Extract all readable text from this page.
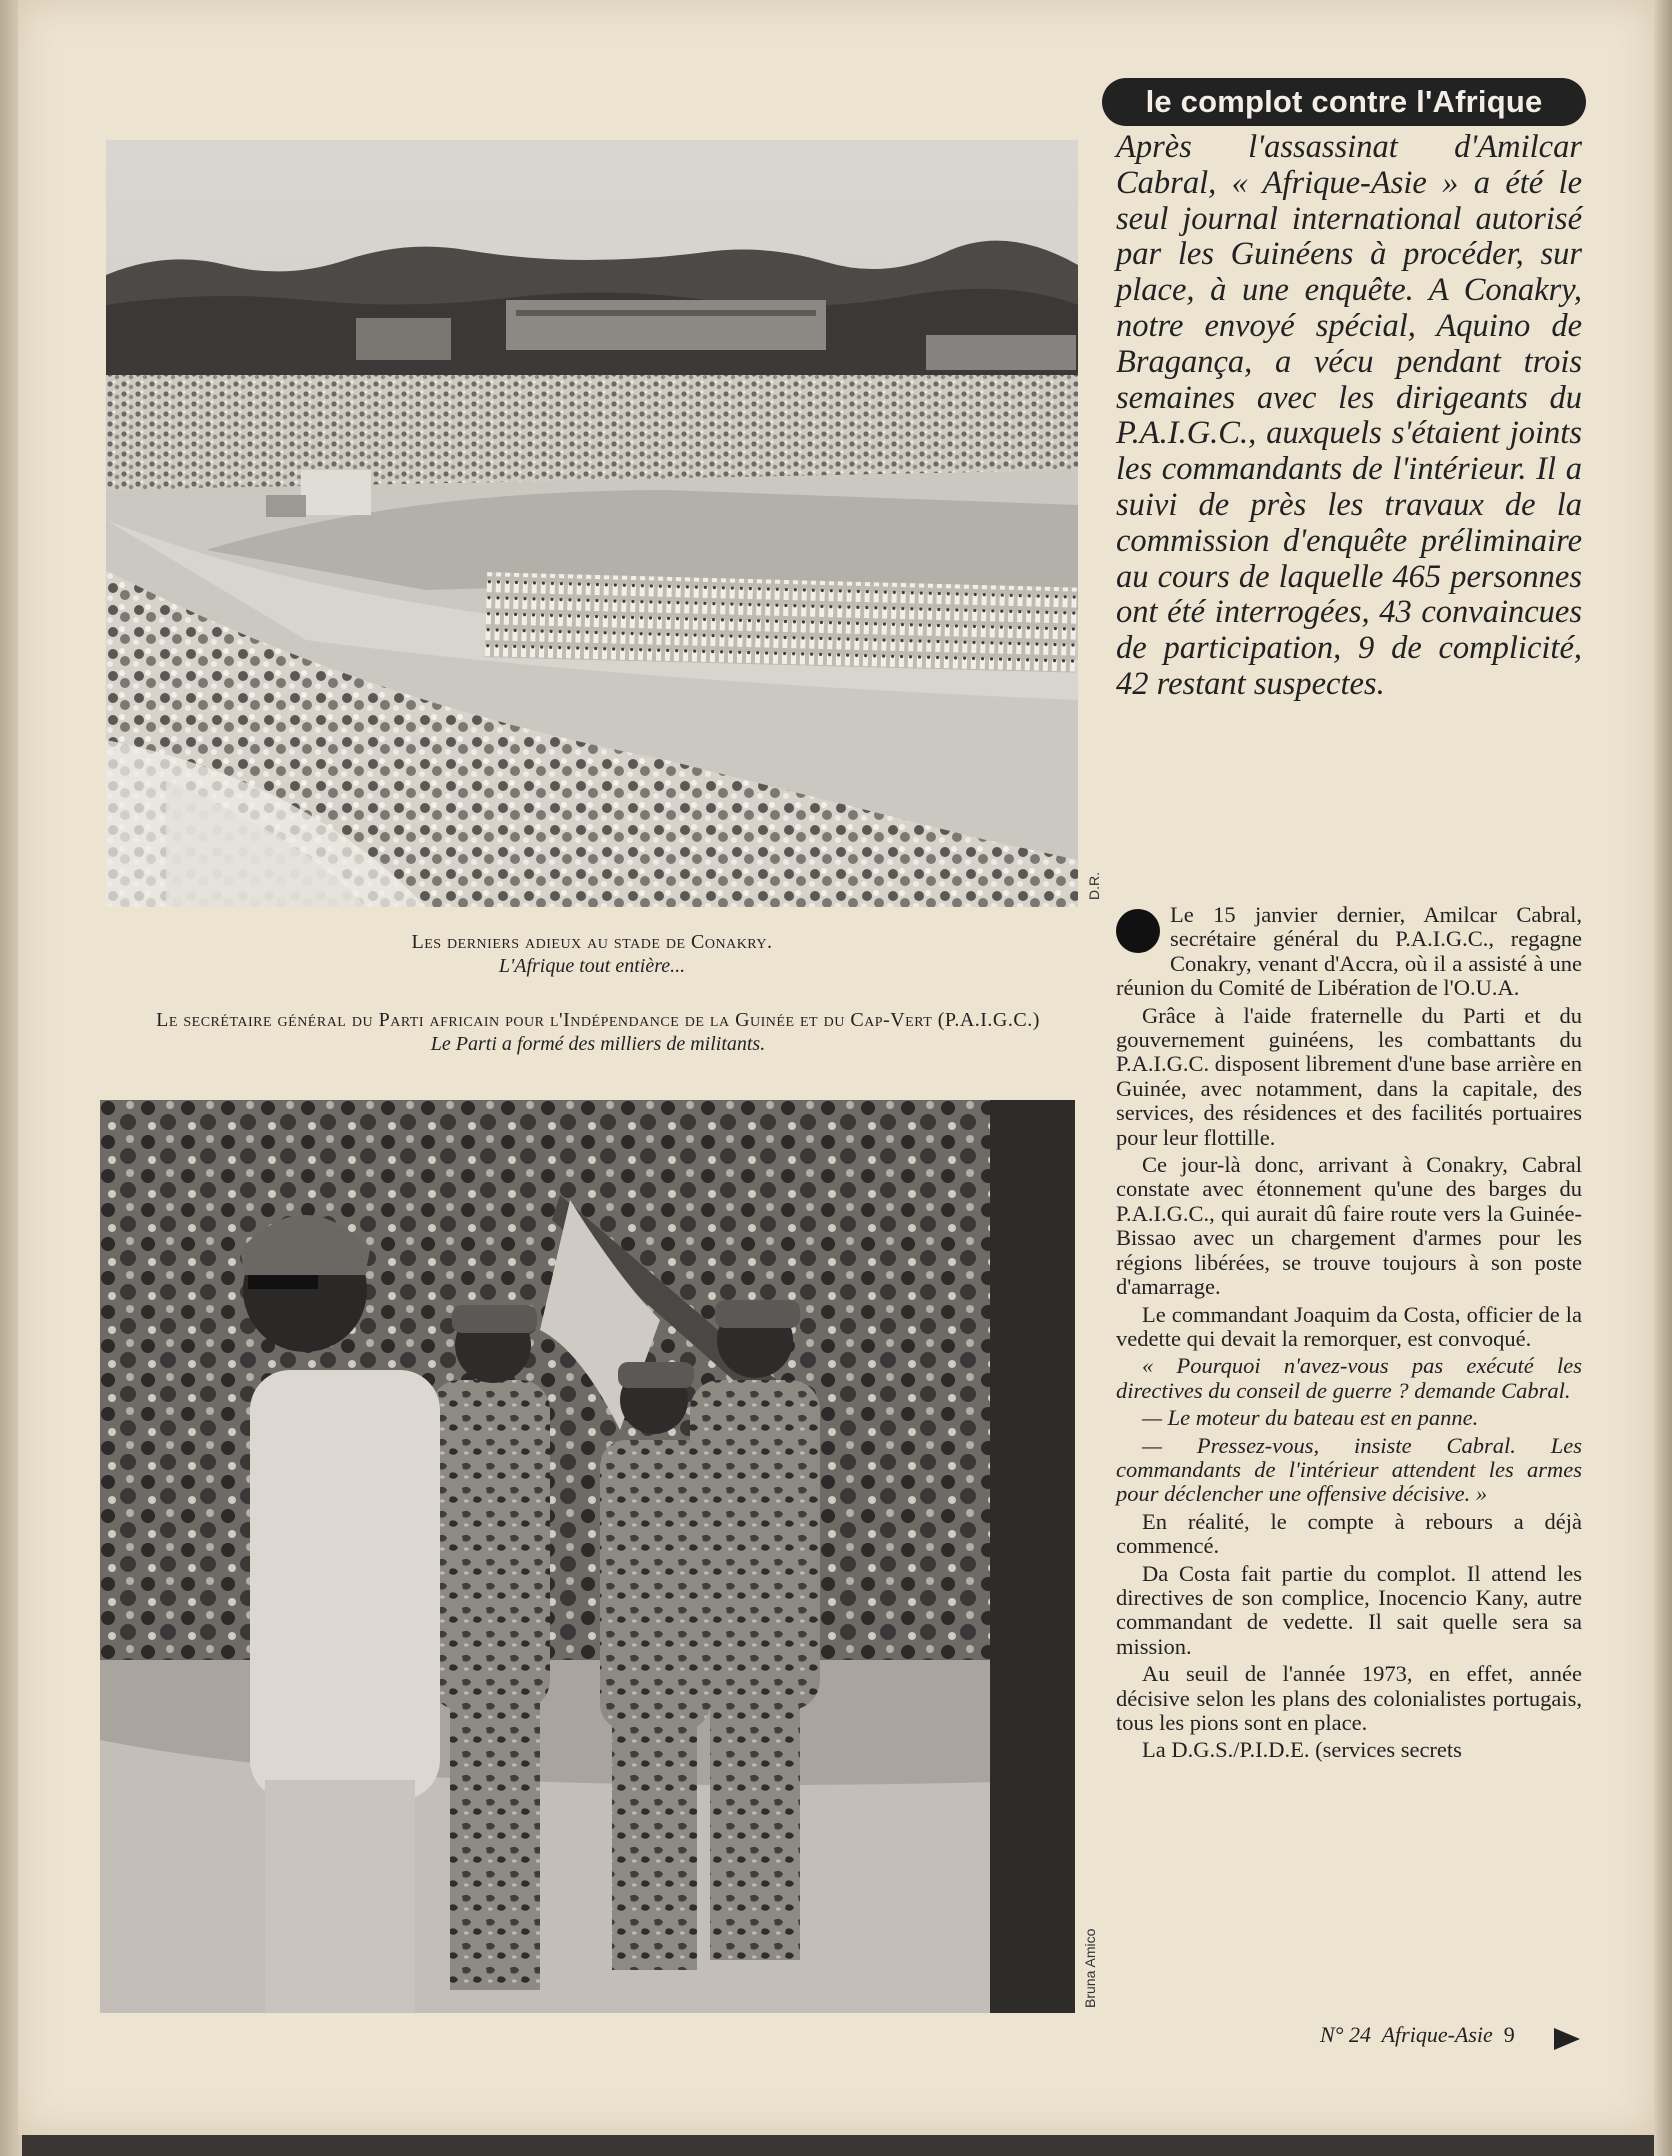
le complot contre l'Afrique
Après l'assassinat d'Amilcar Cabral, « Afrique-Asie » a été le seul journal international autorisé par les Guinéens à procéder, sur place, à une enquête. A Conakry, notre envoyé spécial, Aquino de Bragança, a vécu pendant trois semaines avec les dirigeants du P.A.I.G.C., auxquels s'étaient joints les commandants de l'intérieur. Il a suivi de près les travaux de la commission d'enquête préliminaire au cours de laquelle 465 personnes ont été interrogées, 43 convaincues de participation, 9 de complicité, 42 restant suspectes.
D.R.
Les derniers adieux au stade de Conakry.
L'Afrique tout entière...
Le secrétaire général du Parti africain pour l'Indépendance de la Guinée et du Cap-Vert (P.A.I.G.C.)
Le Parti a formé des milliers de militants.
Bruna Amico

Le 15 janvier dernier, Amilcar Cabral, secrétaire général du P.A.I.G.C., regagne Conakry, venant d'Accra, où il a assisté à une réunion du Comité de Libération de l'O.U.A.

Grâce à l'aide fraternelle du Parti et du gouvernement guinéens, les combattants du P.A.I.G.C. disposent librement d'une base arrière en Guinée, avec notamment, dans la capitale, des services, des résidences et des facilités portuaires pour leur flottille.

Ce jour-là donc, arrivant à Conakry, Cabral constate avec étonnement qu'une des barges du P.A.I.G.C., qui aurait dû faire route vers la Guinée-Bissao avec un chargement d'armes pour les régions libérées, se trouve toujours à son poste d'amarrage.

Le commandant Joaquim da Costa, officier de la vedette qui devait la remorquer, est convoqué.

« Pourquoi n'avez-vous pas exécuté les directives du conseil de guerre ? demande Cabral.

— Le moteur du bateau est en panne.

— Pressez-vous, insiste Cabral. Les commandants de l'intérieur attendent les armes pour déclencher une offensive décisive. »

En réalité, le compte à rebours a déjà commencé.

Da Costa fait partie du complot. Il attend les directives de son complice, Inocencio Kany, autre commandant de vedette. Il sait quelle sera sa mission.

Au seuil de l'année 1973, en effet, année décisive selon les plans des colonialistes portugais, tous les pions sont en place.

La D.G.S./P.I.D.E. (services secrets

N° 24 Afrique-Asie 9
